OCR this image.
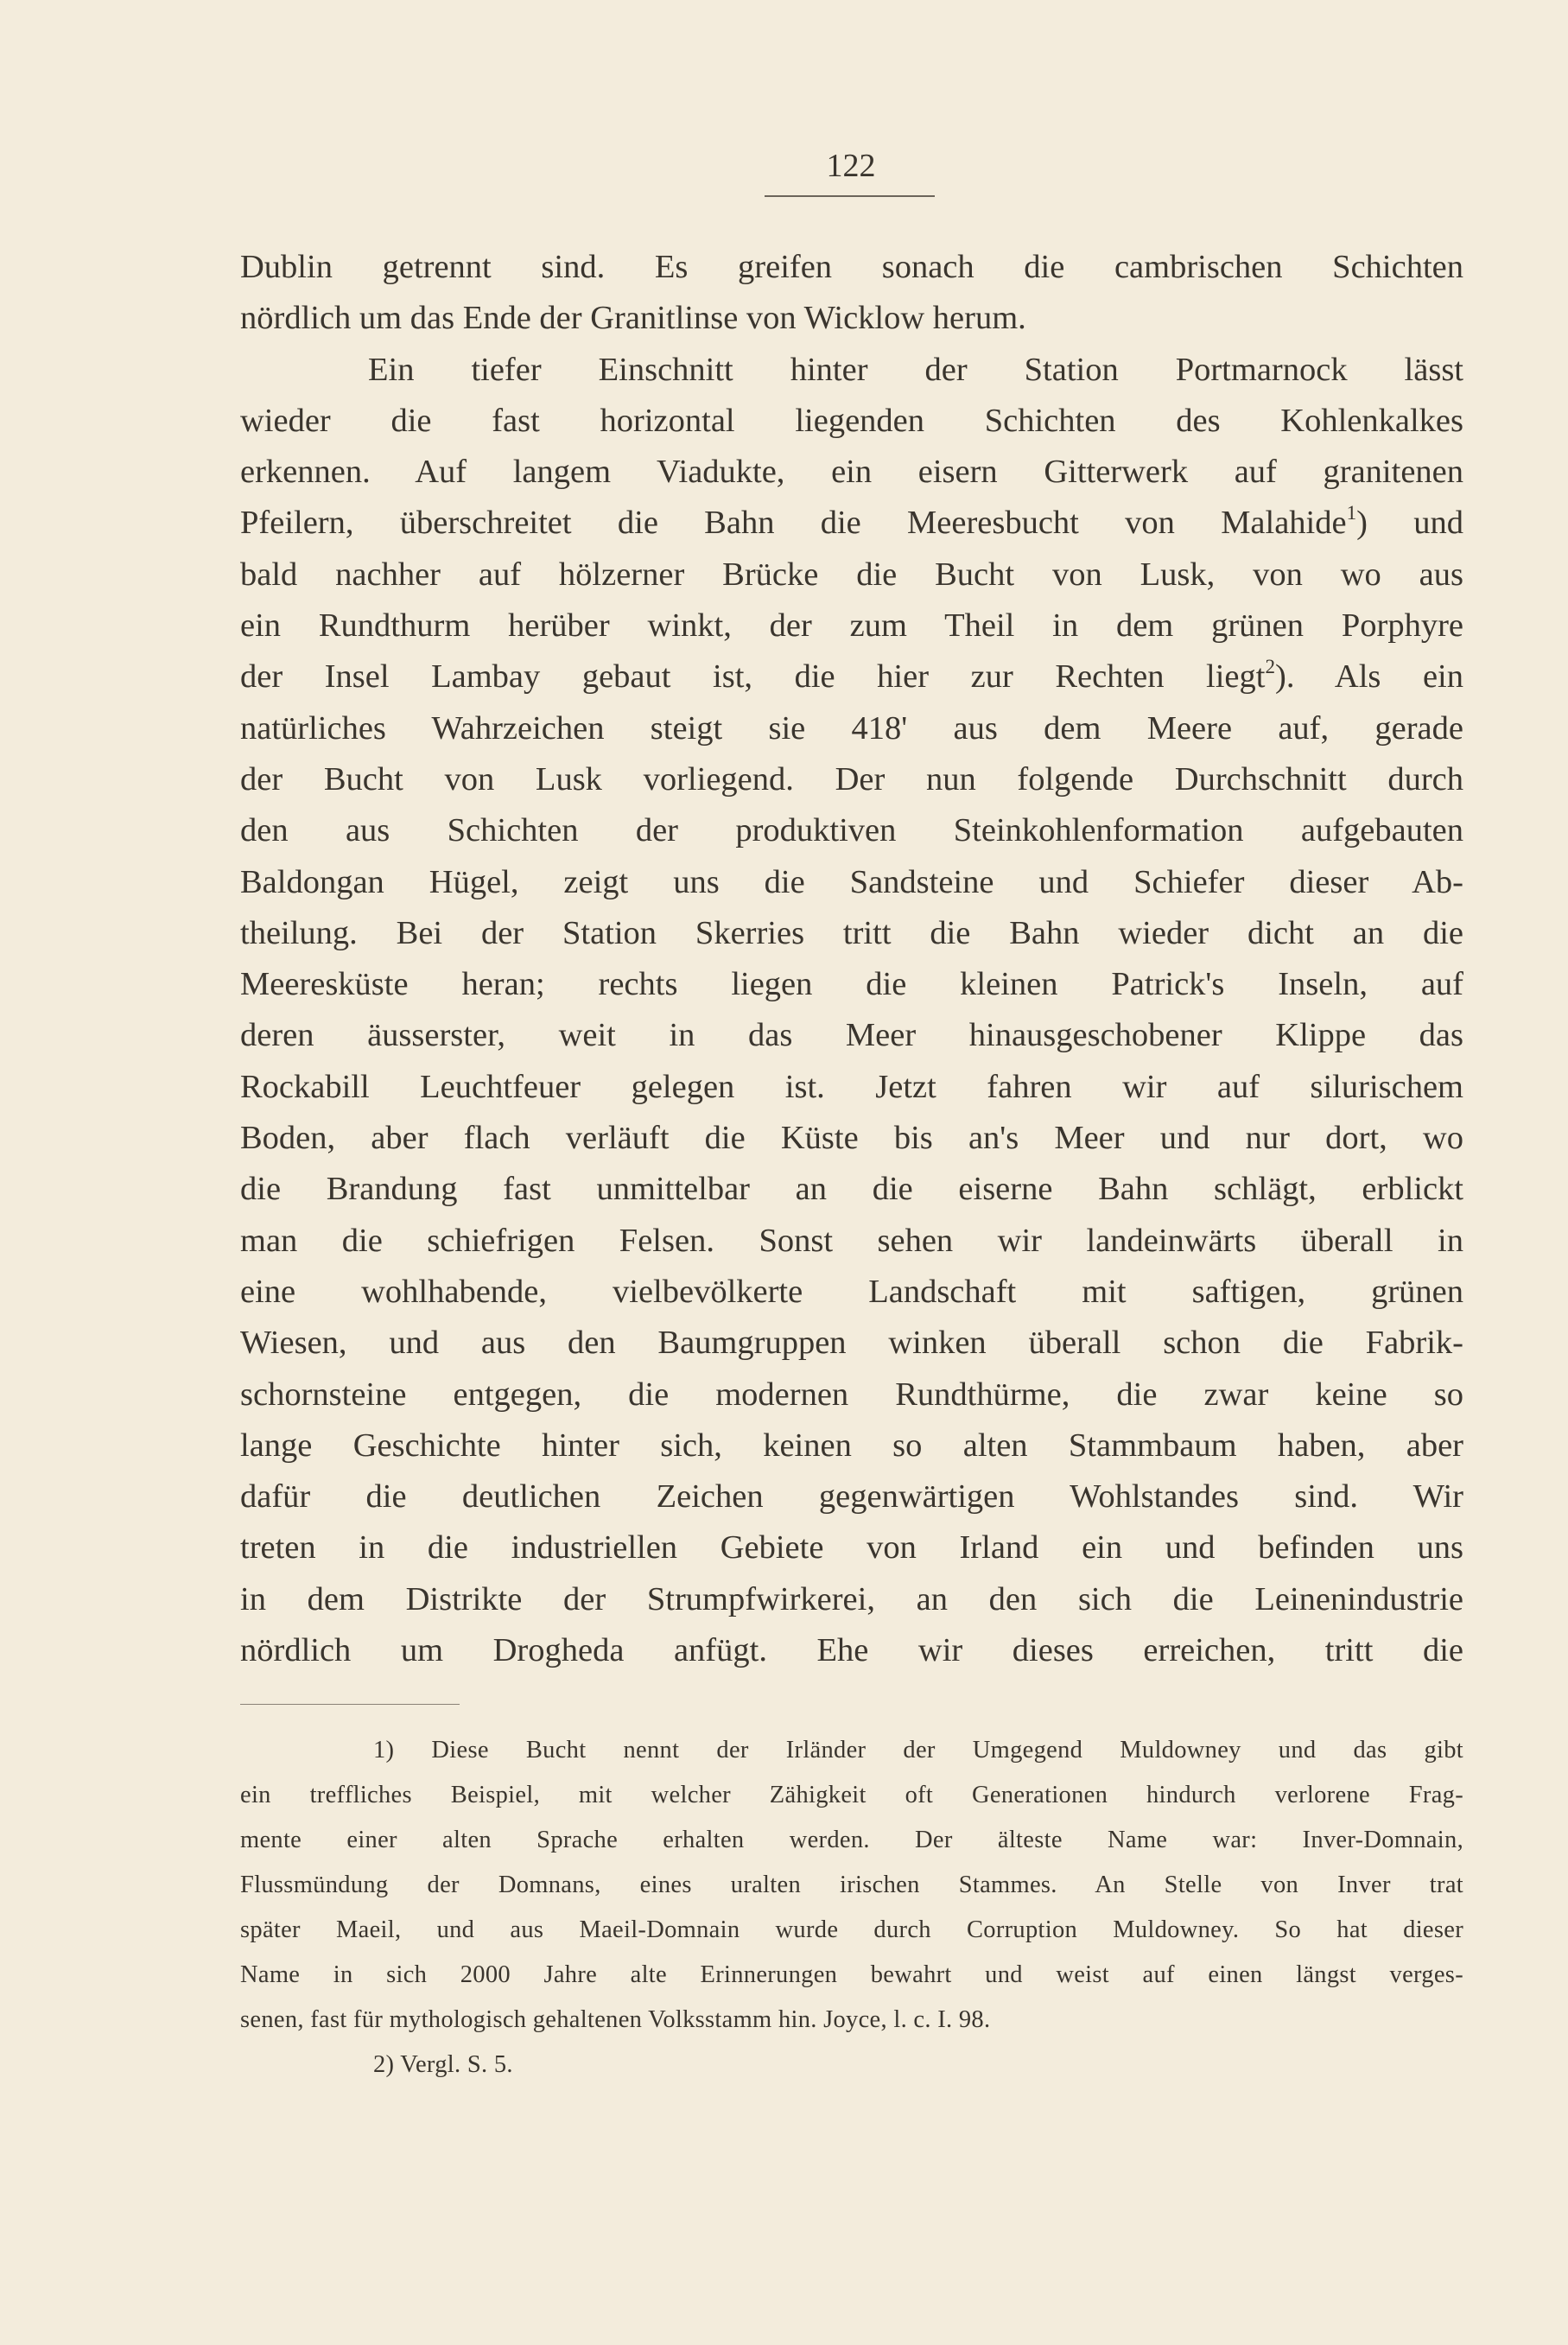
122
Dublin getrennt sind. Es greifen sonach die cambrischen Schichten
nördlich um das Ende der Granitlinse von Wicklow herum.
Ein tiefer Einschnitt hinter der Station Portmarnock lässt
wieder die fast horizontal liegenden Schichten des Kohlenkalkes
erkennen. Auf langem Viadukte, ein eisern Gitterwerk auf granitenen
Pfeilern, überschreitet die Bahn die Meeresbucht von Malahide$^1$) und
bald nachher auf hölzerner Brücke die Bucht von Lusk, von wo aus
ein Rundthurm herüber winkt, der zum Theil in dem grünen Porphyre
der Insel Lambay gebaut ist, die hier zur Rechten liegt$^2$). Als ein
natürliches Wahrzeichen steigt sie 418' aus dem Meere auf, gerade
der Bucht von Lusk vorliegend. Der nun folgende Durchschnitt durch
den aus Schichten der produktiven Steinkohlenformation aufgebauten
Baldongan Hügel, zeigt uns die Sandsteine und Schiefer dieser Ab-
theilung. Bei der Station Skerries tritt die Bahn wieder dicht an die
Meeresküste heran; rechts liegen die kleinen Patrick's Inseln, auf
deren äusserster, weit in das Meer hinausgeschobener Klippe das
Rockabill Leuchtfeuer gelegen ist. Jetzt fahren wir auf silurischem
Boden, aber flach verläuft die Küste bis an's Meer und nur dort, wo
die Brandung fast unmittelbar an die eiserne Bahn schlägt, erblickt
man die schiefrigen Felsen. Sonst sehen wir landeinwärts überall in
eine wohlhabende, vielbevölkerte Landschaft mit saftigen, grünen
Wiesen, und aus den Baumgruppen winken überall schon die Fabrik-
schornsteine entgegen, die modernen Rundthürme, die zwar keine so
lange Geschichte hinter sich, keinen so alten Stammbaum haben, aber
dafür die deutlichen Zeichen gegenwärtigen Wohlstandes sind. Wir
treten in die industriellen Gebiete von Irland ein und befinden uns
in dem Distrikte der Strumpfwirkerei, an den sich die Leinenindustrie
nördlich um Drogheda anfügt. Ehe wir dieses erreichen, tritt die
1) Diese Bucht nennt der Irländer der Umgegend Muldowney und das gibt
ein treffliches Beispiel, mit welcher Zähigkeit oft Generationen hindurch verlorene Frag-
mente einer alten Sprache erhalten werden. Der älteste Name war: Inver-Domnain,
Flussmündung der Domnans, eines uralten irischen Stammes. An Stelle von Inver trat
später Maeil, und aus Maeil-Domnain wurde durch Corruption Muldowney. So hat dieser
Name in sich 2000 Jahre alte Erinnerungen bewahrt und weist auf einen längst verges-
senen, fast für mythologisch gehaltenen Volksstamm hin. Joyce, l. c. I. 98.
2) Vergl. S. 5.
